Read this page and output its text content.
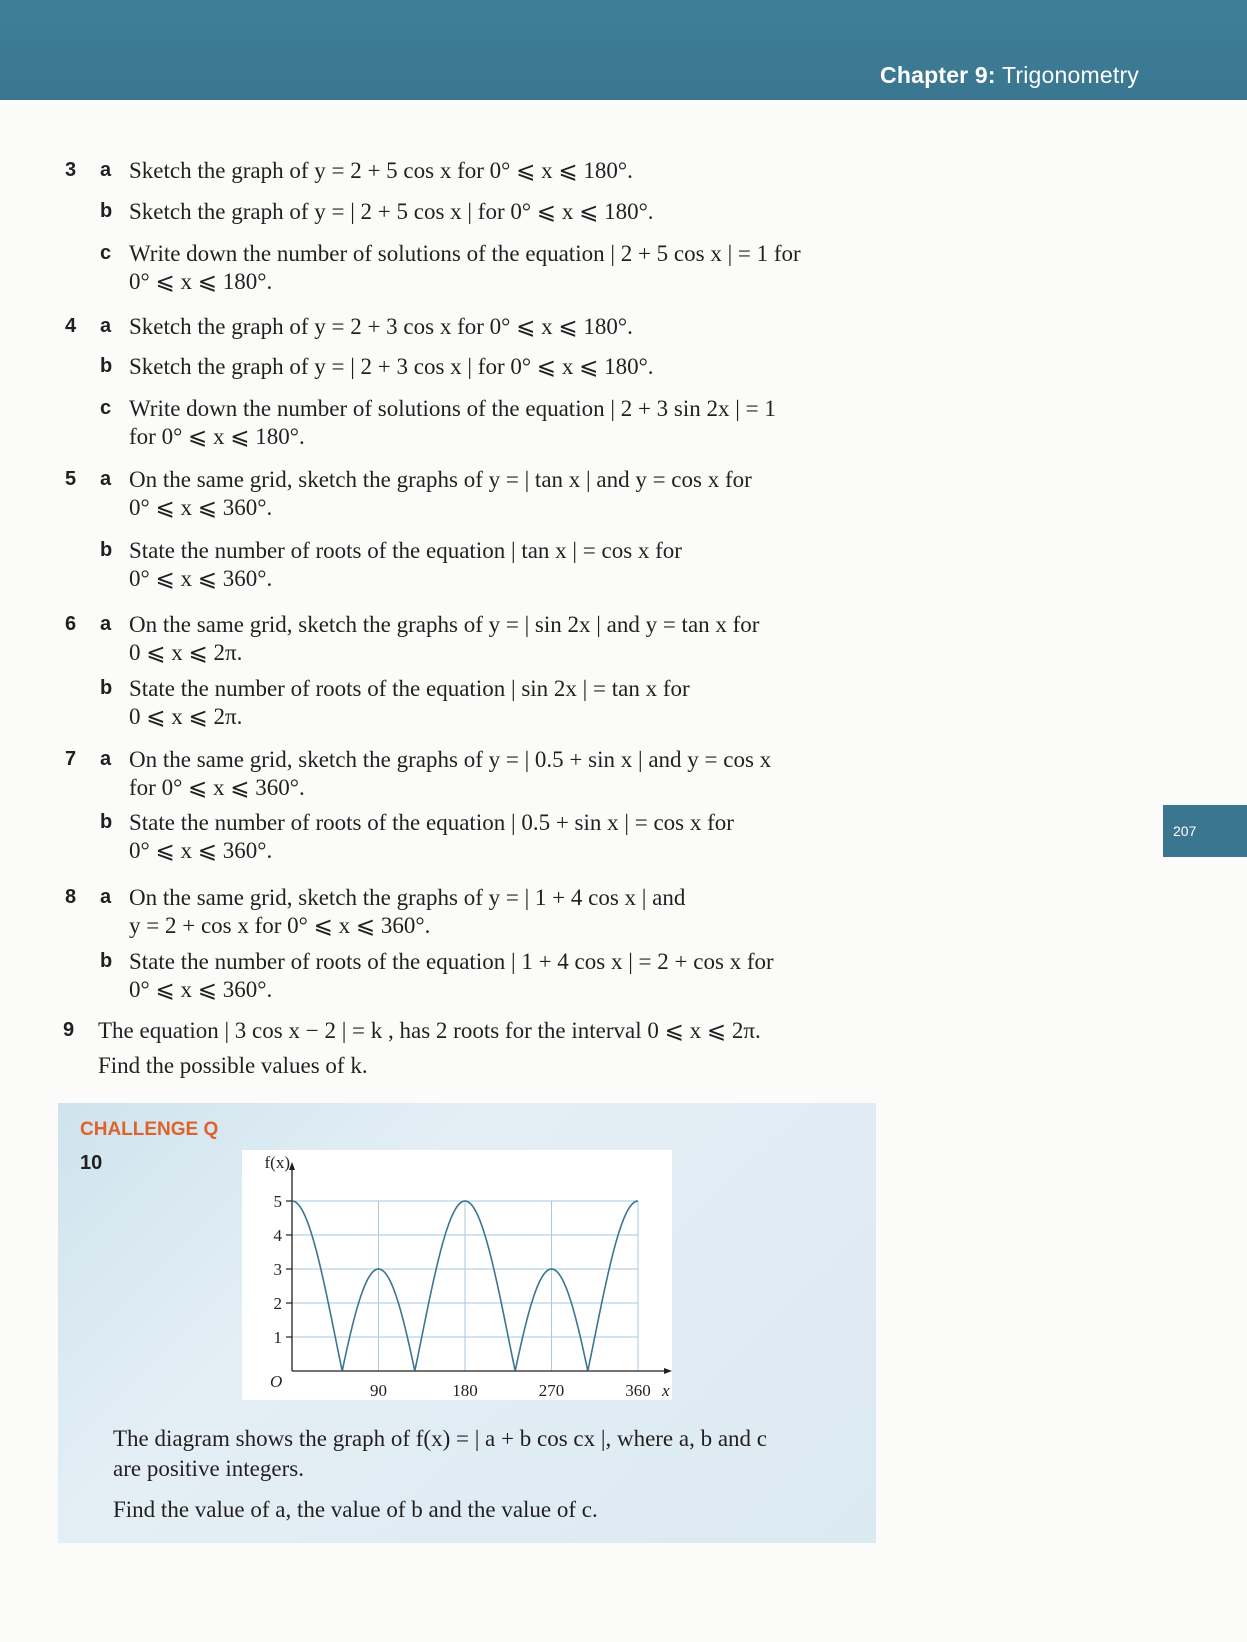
Chapter 9: Trigonometry
207
3 a Sketch the graph of y = 2 + 5 cos x for 0° ⩽ x ⩽ 180°.
b Sketch the graph of y = | 2 + 5 cos x | for 0° ⩽ x ⩽ 180°.
c Write down the number of solutions of the equation | 2 + 5 cos x | = 1 for
0° ⩽ x ⩽ 180°.
4 a Sketch the graph of y = 2 + 3 cos x for 0° ⩽ x ⩽ 180°.
b Sketch the graph of y = | 2 + 3 cos x | for 0° ⩽ x ⩽ 180°.
c Write down the number of solutions of the equation | 2 + 3 sin 2x | = 1
for 0° ⩽ x ⩽ 180°.
5 a On the same grid, sketch the graphs of y = | tan x | and y = cos x for
0° ⩽ x ⩽ 360°.
b State the number of roots of the equation | tan x | = cos x for
0° ⩽ x ⩽ 360°.
6 a On the same grid, sketch the graphs of y = | sin 2x | and y = tan x for
0 ⩽ x ⩽ 2π.
b State the number of roots of the equation | sin 2x | = tan x for
0 ⩽ x ⩽ 2π.
7 a On the same grid, sketch the graphs of y = | 0.5 + sin x | and y = cos x
for 0° ⩽ x ⩽ 360°.
b State the number of roots of the equation | 0.5 + sin x | = cos x for
0° ⩽ x ⩽ 360°.
8 a On the same grid, sketch the graphs of y = | 1 + 4 cos x | and
y = 2 + cos x for 0° ⩽ x ⩽ 360°.
b State the number of roots of the equation | 1 + 4 cos x | = 2 + cos x for
0° ⩽ x ⩽ 360°.
9 The equation | 3 cos x − 2 | = k , has 2 roots for the interval 0 ⩽ x ⩽ 2π.
Find the possible values of k.
CHALLENGE Q
10
1
2
3
4
5
90	180	270	360
f(x)
x
O
The diagram shows the graph of f(x) = | a + b cos cx |, where a, b and c
are positive integers.
Find the value of a, the value of b and the value of c.
